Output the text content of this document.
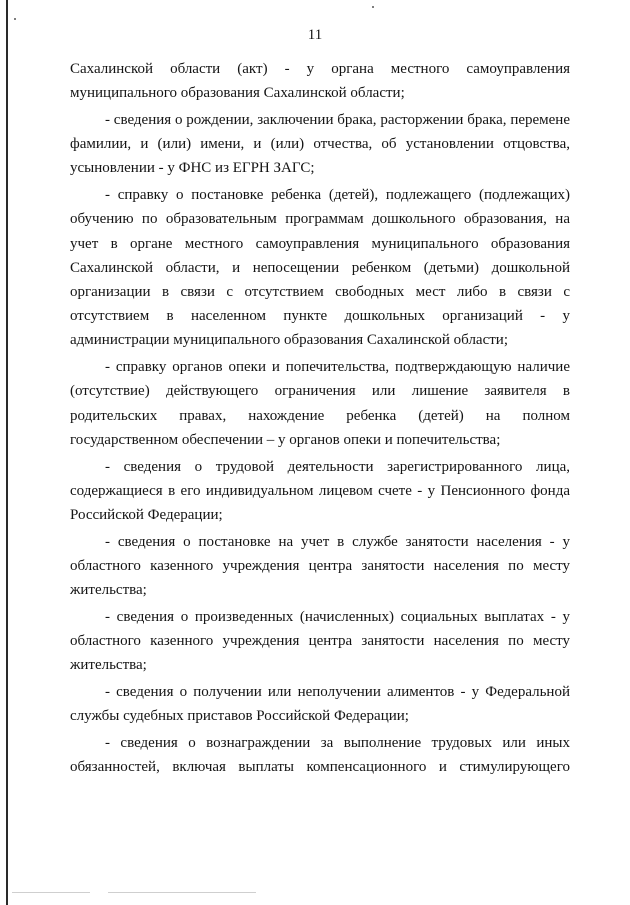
11

Сахалинской области (акт) - у органа местного самоуправления муниципального образования Сахалинской области;

- сведения о рождении, заключении брака, расторжении брака, перемене фамилии, и (или) имени, и (или) отчества, об установлении отцовства, усыновлении - у ФНС из ЕГРН ЗАГС;

- справку о постановке ребенка (детей), подлежащего (подлежащих) обучению по образовательным программам дошкольного образования, на учет в органе местного самоуправления муниципального образования Сахалинской области, и непосещении ребенком (детьми) дошкольной организации в связи с отсутствием свободных мест либо в связи с отсутствием в населенном пункте дошкольных организаций - у администрации муниципального образования Сахалинской области;

- справку органов опеки и попечительства, подтверждающую наличие (отсутствие) действующего ограничения или лишение заявителя в родительских правах, нахождение ребенка (детей) на полном государственном обеспечении – у органов опеки и попечительства;

- сведения о трудовой деятельности зарегистрированного лица, содержащиеся в его индивидуальном лицевом счете - у Пенсионного фонда Российской Федерации;

- сведения о постановке на учет в службе занятости населения - у областного казенного учреждения центра занятости населения по месту жительства;

- сведения о произведенных (начисленных) социальных выплатах - у областного казенного учреждения центра занятости населения по месту жительства;

- сведения о получении или неполучении алиментов - у Федеральной службы судебных приставов Российской Федерации;

- сведения о вознаграждении за выполнение трудовых или иных обязанностей, включая выплаты компенсационного и стимулирующего
